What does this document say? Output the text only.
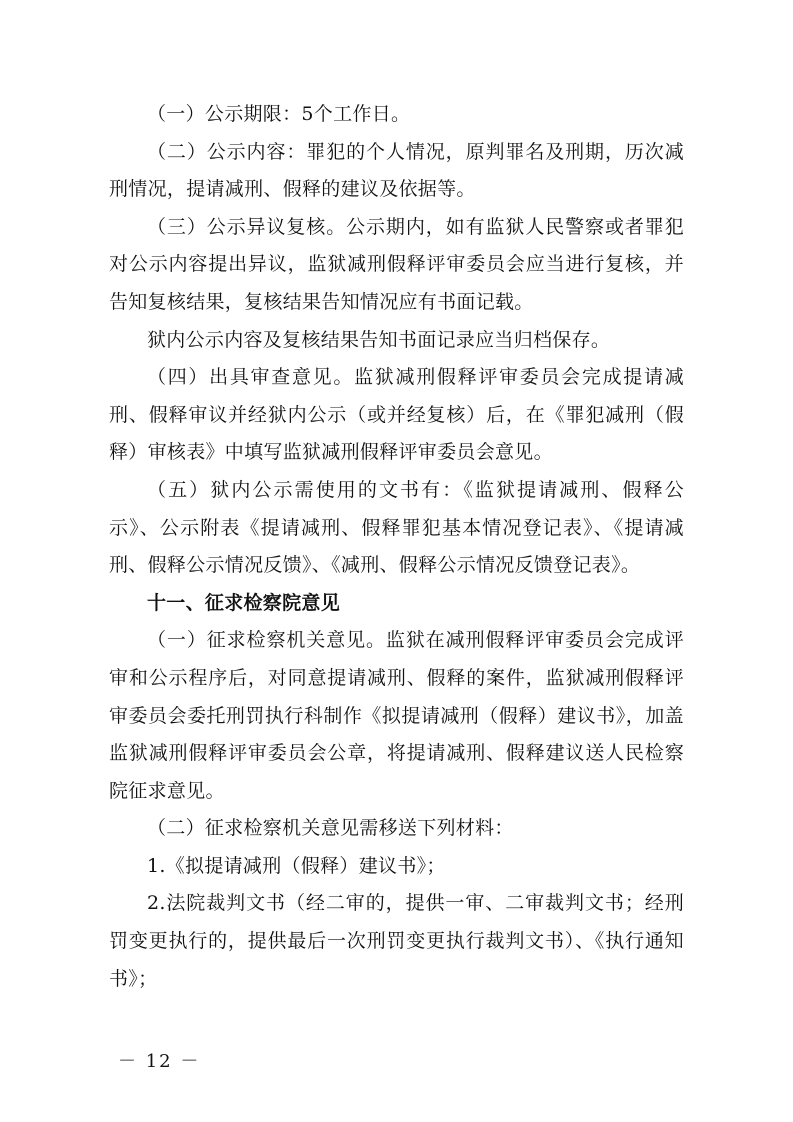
（一）公示期限：5个工作日。

（二）公示内容：罪犯的个人情况，原判罪名及刑期，历次减刑情况，提请减刑、假释的建议及依据等。

（三）公示异议复核。公示期内，如有监狱人民警察或者罪犯对公示内容提出异议，监狱减刑假释评审委员会应当进行复核，并告知复核结果，复核结果告知情况应有书面记载。

狱内公示内容及复核结果告知书面记录应当归档保存。

（四）出具审查意见。监狱减刑假释评审委员会完成提请减刑、假释审议并经狱内公示（或并经复核）后，在《罪犯减刑（假释）审核表》中填写监狱减刑假释评审委员会意见。

（五）狱内公示需使用的文书有：《监狱提请减刑、假释公示》、公示附表《提请减刑、假释罪犯基本情况登记表》、《提请减刑、假释公示情况反馈》、《减刑、假释公示情况反馈登记表》。

十一、征求检察院意见

（一）征求检察机关意见。监狱在减刑假释评审委员会完成评审和公示程序后，对同意提请减刑、假释的案件，监狱减刑假释评审委员会委托刑罚执行科制作《拟提请减刑（假释）建议书》，加盖监狱减刑假释评审委员会公章，将提请减刑、假释建议送人民检察院征求意见。

（二）征求检察机关意见需移送下列材料：

1.《拟提请减刑（假释）建议书》；

2.法院裁判文书（经二审的，提供一审、二审裁判文书；经刑罚变更执行的，提供最后一次刑罚变更执行裁判文书）、《执行通知书》；

－ 12 －
